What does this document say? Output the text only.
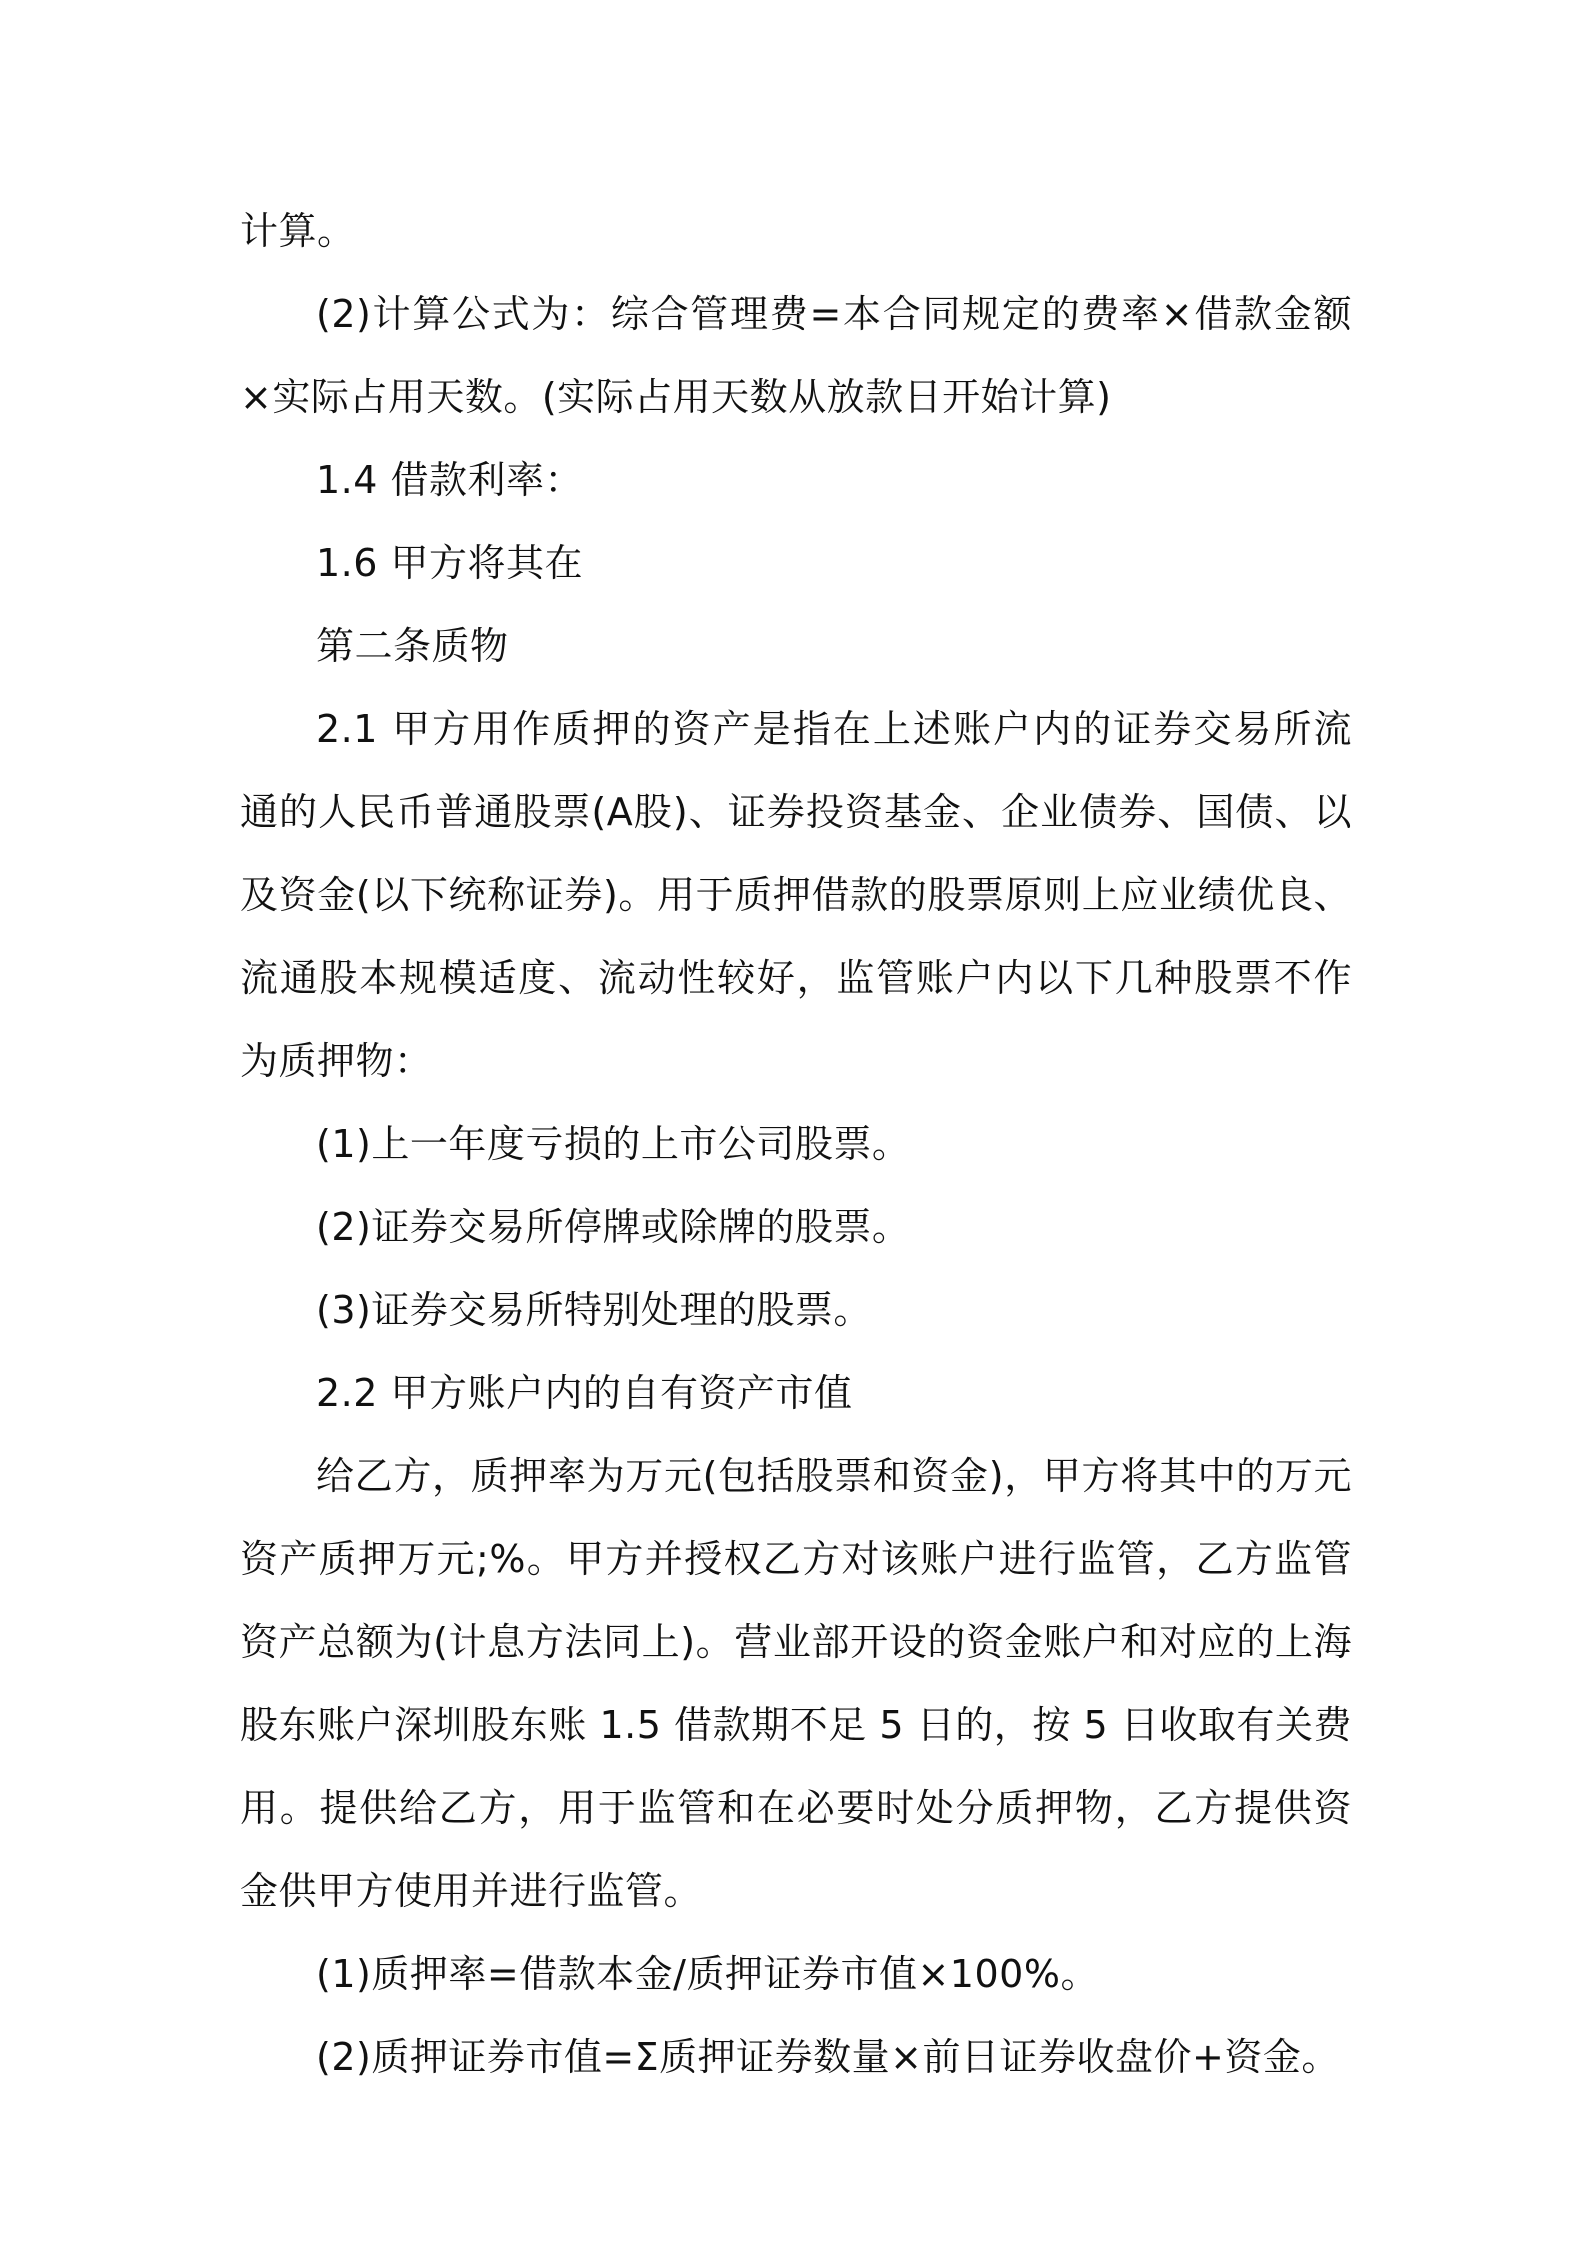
计算。

(2)计算公式为：综合管理费=本合同规定的费率×借款金额×实际占用天数。(实际占用天数从放款日开始计算)

1.4 借款利率：

1.6 甲方将其在

第二条质物

2.1 甲方用作质押的资产是指在上述账户内的证券交易所流通的人民币普通股票(A股)、证券投资基金、企业债券、国债、以及资金(以下统称证券)。用于质押借款的股票原则上应业绩优良、流通股本规模适度、流动性较好，监管账户内以下几种股票不作为质押物：

(1)上一年度亏损的上市公司股票。

(2)证券交易所停牌或除牌的股票。

(3)证券交易所特别处理的股票。

2.2 甲方账户内的自有资产市值

给乙方，质押率为万元(包括股票和资金)，甲方将其中的万元资产质押万元;%。甲方并授权乙方对该账户进行监管，乙方监管资产总额为(计息方法同上)。营业部开设的资金账户和对应的上海股东账户深圳股东账 1.5 借款期不足 5 日的，按 5 日收取有关费用。提供给乙方，用于监管和在必要时处分质押物，乙方提供资金供甲方使用并进行监管。

(1)质押率=借款本金/质押证券市值×100%。

(2)质押证券市值=Σ质押证券数量×前日证券收盘价+资金。
